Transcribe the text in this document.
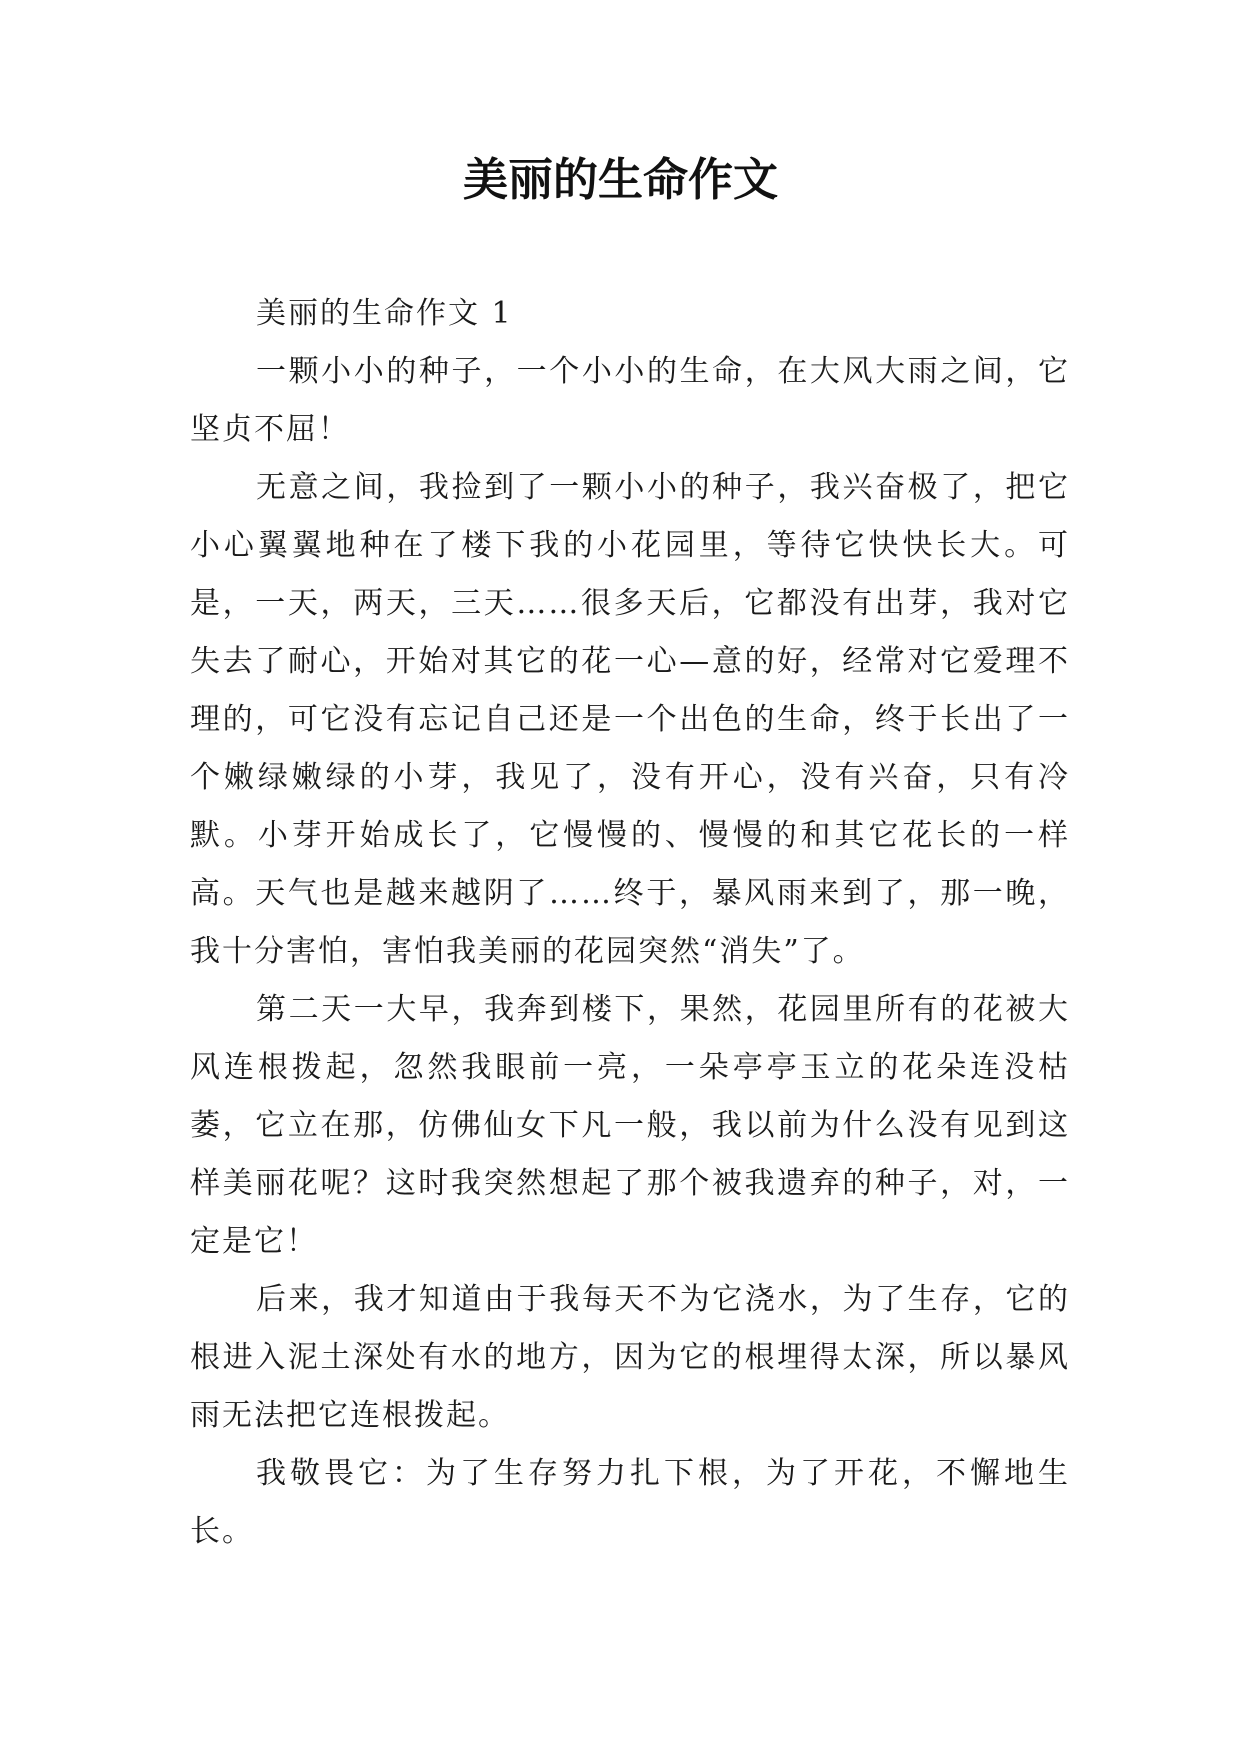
美丽的生命作文

美丽的生命作文 1

一颗小小的种子，一个小小的生命，在大风大雨之间，它坚贞不屈！

无意之间，我捡到了一颗小小的种子，我兴奋极了，把它小心翼翼地种在了楼下我的小花园里，等待它快快长大。可是，一天，两天，三天……很多天后，它都没有出芽，我对它失去了耐心，开始对其它的花一心—意的好，经常对它爱理不理的，可它没有忘记自己还是一个出色的生命，终于长出了一个嫩绿嫩绿的小芽，我见了，没有开心，没有兴奋，只有冷默。小芽开始成长了，它慢慢的、慢慢的和其它花长的一样高。天气也是越来越阴了……终于，暴风雨来到了，那一晚，我十分害怕，害怕我美丽的花园突然“消失”了。

第二天一大早，我奔到楼下，果然，花园里所有的花被大风连根拨起，忽然我眼前一亮，一朵亭亭玉立的花朵连没枯萎，它立在那，仿佛仙女下凡一般，我以前为什么没有见到这样美丽花呢？这时我突然想起了那个被我遗弃的种子，对，一定是它！

后来，我才知道由于我每天不为它浇水，为了生存，它的根进入泥土深处有水的地方，因为它的根埋得太深，所以暴风雨无法把它连根拨起。

我敬畏它：为了生存努力扎下根，为了开花，不懈地生长。
